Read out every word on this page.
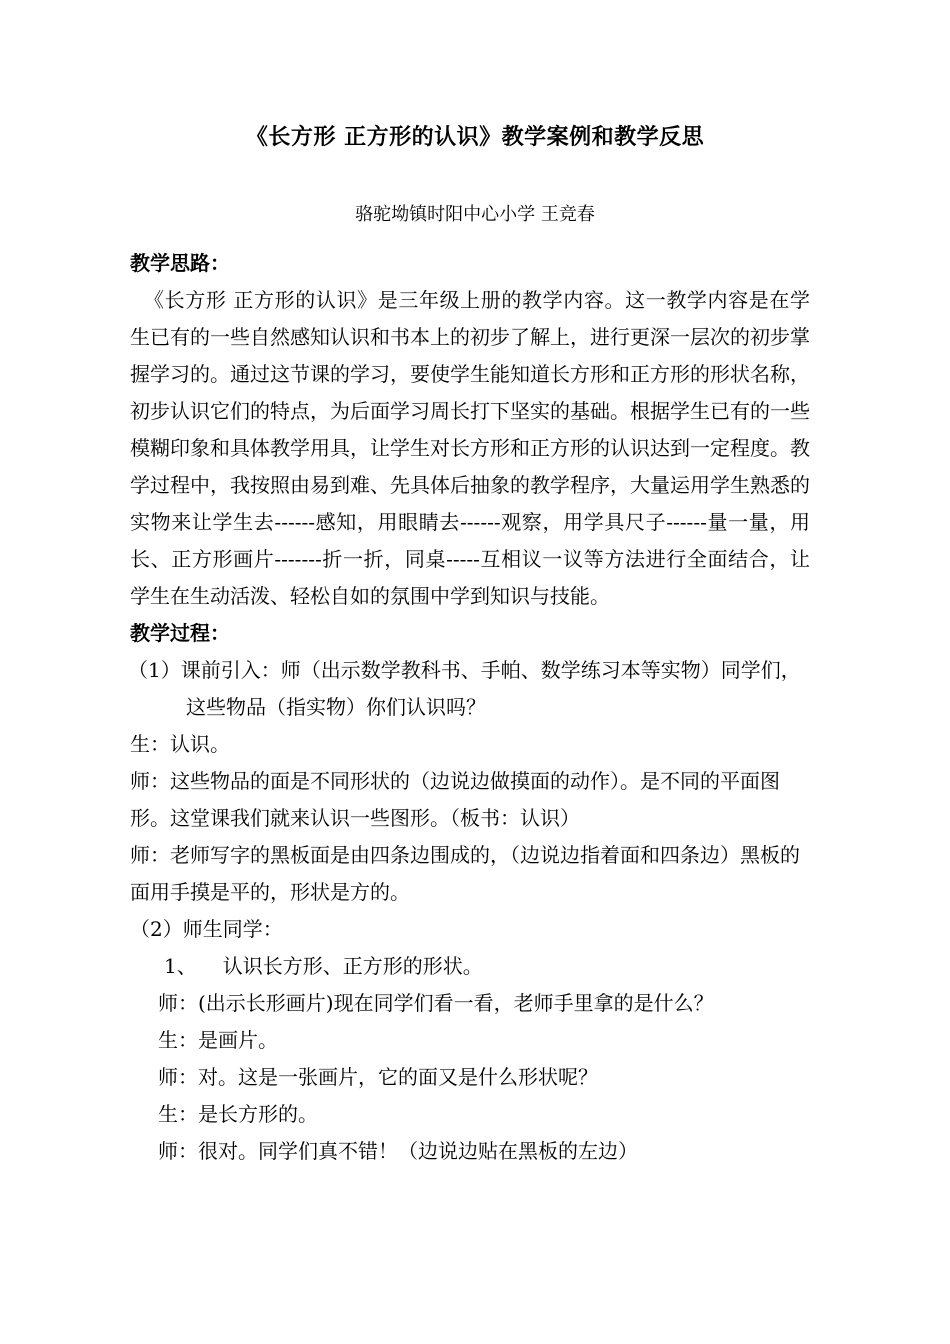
《长方形 正方形的认识》教学案例和教学反思
骆驼坳镇时阳中心小学 王竞春

教学思路：

《长方形 正方形的认识》是三年级上册的教学内容。这一教学内容是在学生已有的一些自然感知认识和书本上的初步了解上，进行更深一层次的初步掌握学习的。通过这节课的学习，要使学生能知道长方形和正方形的形状名称，初步认识它们的特点，为后面学习周长打下坚实的基础。根据学生已有的一些模糊印象和具体教学用具，让学生对长方形和正方形的认识达到一定程度。教学过程中，我按照由易到难、先具体后抽象的教学程序，大量运用学生熟悉的实物来让学生去------感知，用眼睛去------观察，用学具尺子------量一量，用长、正方形画片-------折一折，同桌-----互相议一议等方法进行全面结合，让学生在生动活泼、轻松自如的氛围中学到知识与技能。

教学过程：

（1）课前引入：师（出示数学教科书、手帕、数学练习本等实物）同学们，这些物品（指实物）你们认识吗？

生：认识。

师：这些物品的面是不同形状的（边说边做摸面的动作）。是不同的平面图形。这堂课我们就来认识一些图形。（板书：认识）

师：老师写字的黑板面是由四条边围成的，（边说边指着面和四条边）黑板的面用手摸是平的，形状是方的。

（2）师生同学：

1、 认识长方形、正方形的形状。

师：(出示长形画片)现在同学们看一看，老师手里拿的是什么？

生：是画片。

师：对。这是一张画片，它的面又是什么形状呢？

生：是长方形的。

师：很对。同学们真不错！（边说边贴在黑板的左边）
